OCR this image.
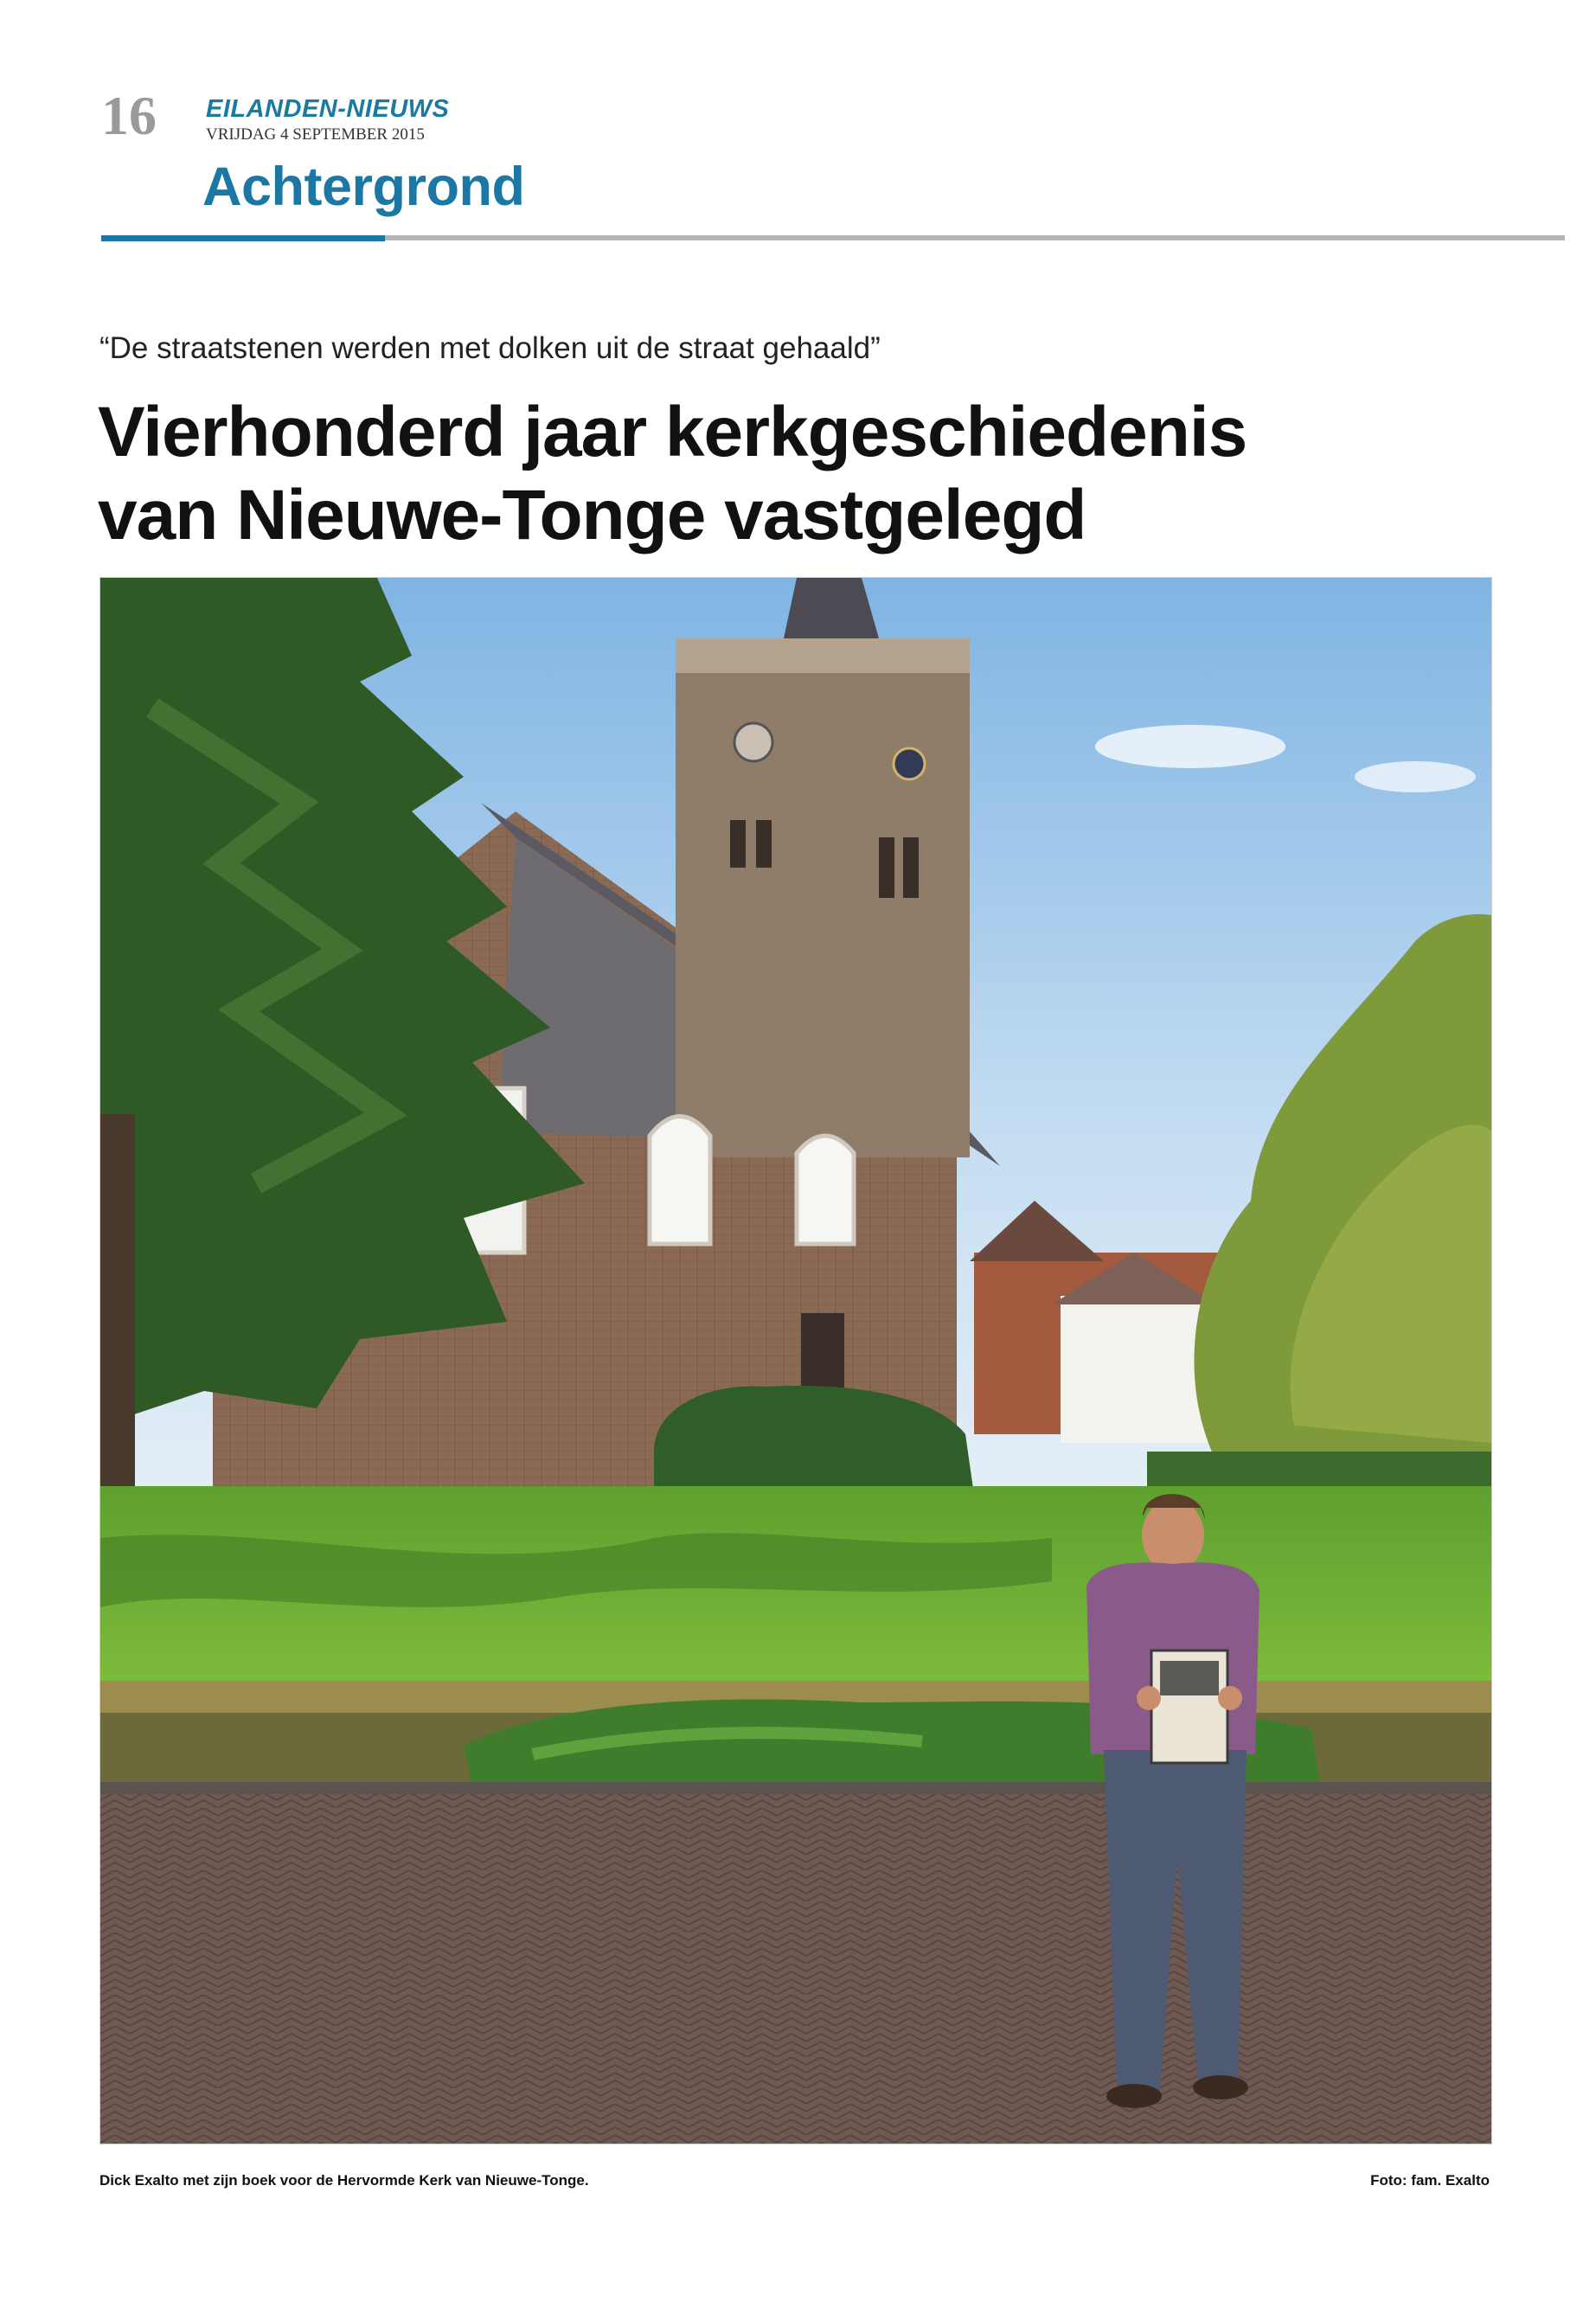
16 EILANDEN-NIEUWS
VRIJDAG 4 SEPTEMBER 2015
Achtergrond
“De straatstenen werden met dolken uit de straat gehaald”
Vierhonderd jaar kerkgeschiedenis
van Nieuwe-Tonge vastgelegd
Dick Exalto met zijn boek voor de Hervormde Kerk van Nieuwe-Tonge.	Foto: fam. Exalto
